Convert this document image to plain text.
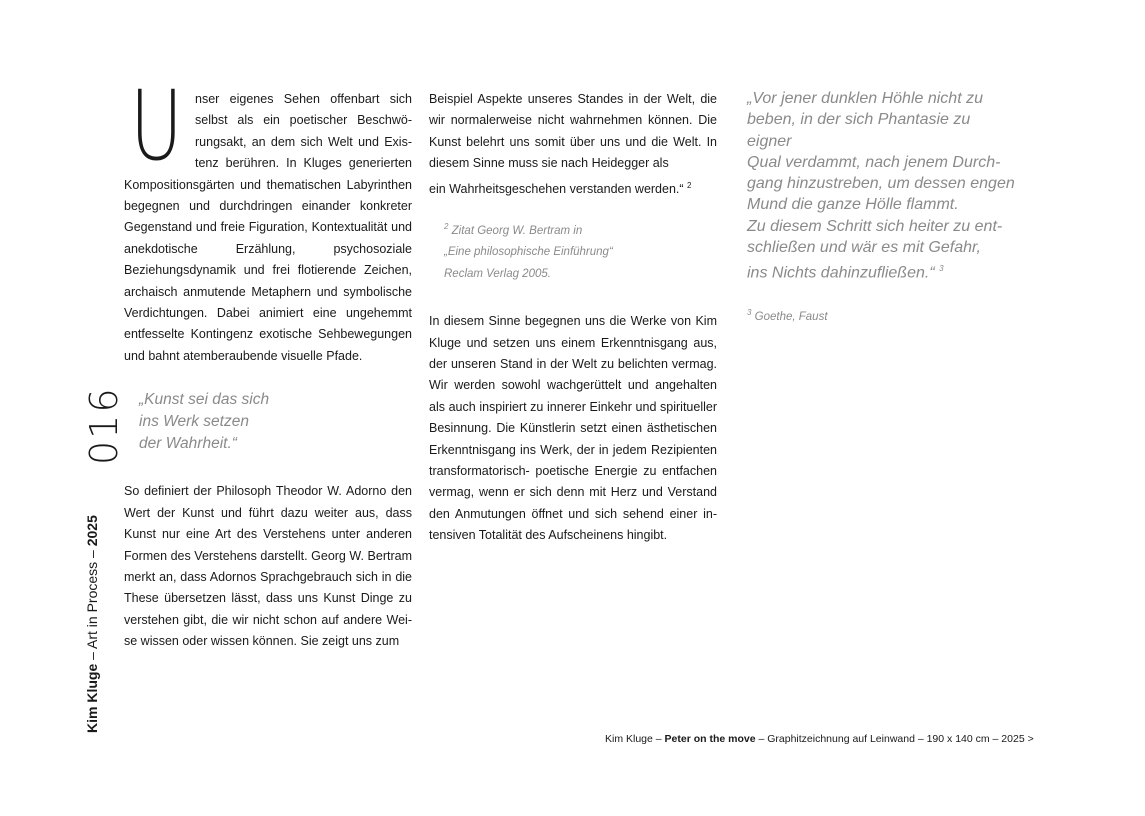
Kim Kluge – Art in Process – 2025
016
U nser eigenes Sehen offenbart sich selbst als ein poetischer Beschwörungsakt, an dem sich Welt und Existenz berühren. In Kluges generierten Kompositionsgärten und thematischen Labyrinthen begegnen und durchdringen einander konkreter Gegenstand und freie Figuration, Kontextualität und anekdotische Erzählung, psychosoziale Beziehungsdynamik und frei flotierende Zeichen, archaisch anmutende Metaphern und symbolische Verdichtungen. Dabei animiert eine ungehemmt entfesselte Kontingenz exotische Sehbewegungen und bahnt atemberaubende visuelle Pfade.

„Kunst sei das sich
ins Werk setzen
der Wahrheit.“

So definiert der Philosoph Theodor W. Adorno den Wert der Kunst und führt dazu weiter aus, dass Kunst nur eine Art des Verstehens unter anderen Formen des Verstehens darstellt. Georg W. Bertram merkt an, dass Adornos Sprachgebrauch sich in die These übersetzen lässt, dass uns Kunst Dinge zu verstehen gibt, die wir nicht schon auf andere Weise wissen oder wissen können. Sie zeigt uns zum

Beispiel Aspekte unseres Standes in der Welt, die wir normalerweise nicht wahrnehmen können. Die Kunst belehrt uns somit über uns und die Welt. In diesem Sinne muss sie nach Heidegger als
ein Wahrheitsgeschehen verstanden werden.“ $^2$

$^2$ Zitat Georg W. Bertram in
„Eine philosophische Einführung“
Reclam Verlag 2005.

In diesem Sinne begegnen uns die Werke von Kim Kluge und setzen uns einem Erkenntnisgang aus, der unseren Stand in der Welt zu belichten vermag. Wir werden sowohl wachgerüttelt und angehalten als auch inspiriert zu innerer Einkehr und spiritueller Besinnung. Die Künstlerin setzt einen ästhetischen Erkenntnisgang ins Werk, der in jedem Rezipienten transformatorisch- poetische Energie zu entfachen vermag, wenn er sich denn mit Herz und Verstand den Anmutungen öffnet und sich sehend einer intensiven Totalität des Aufscheinens hingibt.

„Vor jener dunklen Höhle nicht zu
beben, in der sich Phantasie zu eigner
Qual verdammt, nach jenem Durch-
gang hinzustreben, um dessen engen
Mund die ganze Hölle flammt.
Zu diesem Schritt sich heiter zu ent-
schließen und wär es mit Gefahr,
ins Nichts dahinzufließen.“ $^3$
$^3$ Goethe, Faust
Kim Kluge – Peter on the move – Graphitzeichnung auf Leinwand – 190 x 140 cm – 2025 >
